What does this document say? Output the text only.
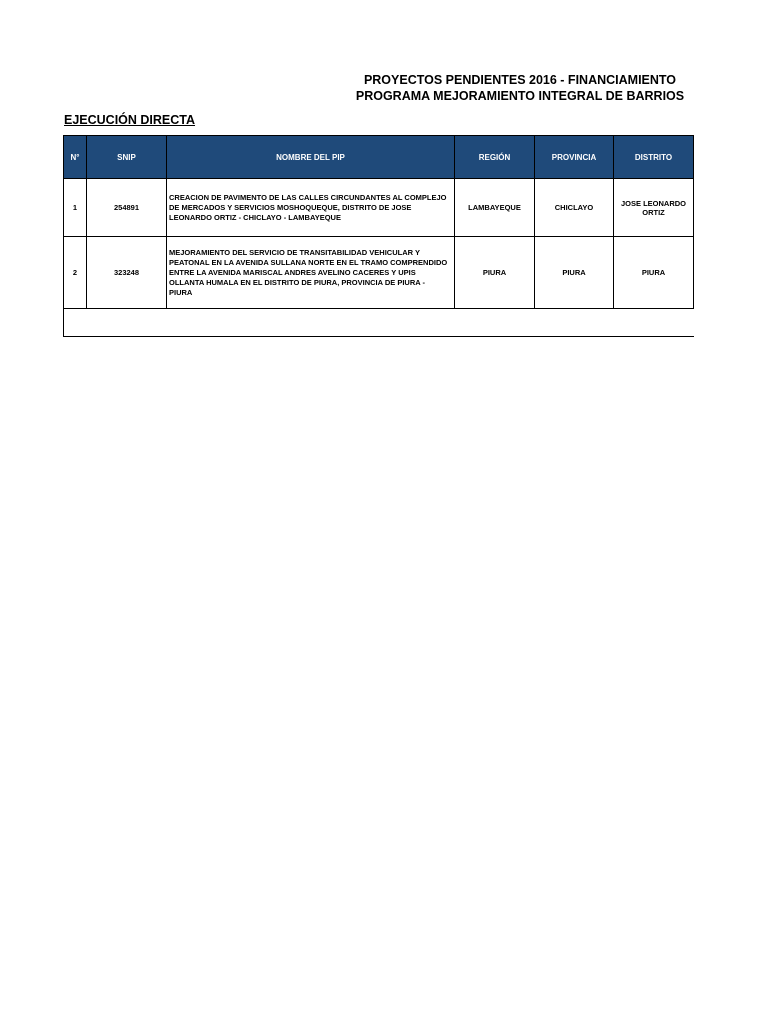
PROYECTOS PENDIENTES 2016 - FINANCIAMIENTO
PROGRAMA MEJORAMIENTO INTEGRAL DE BARRIOS
EJECUCIÓN DIRECTA
N°	SNIP	NOMBRE DEL PIP	REGIÓN	PROVINCIA	DISTRITO
1	254891	CREACION DE PAVIMENTO DE LAS CALLES CIRCUNDANTES AL COMPLEJO DE MERCADOS Y SERVICIOS MOSHOQUEQUE, DISTRITO DE JOSE LEONARDO ORTIZ - CHICLAYO - LAMBAYEQUE	LAMBAYEQUE	CHICLAYO	JOSE LEONARDO ORTIZ
2	323248	MEJORAMIENTO DEL SERVICIO DE TRANSITABILIDAD VEHICULAR Y PEATONAL EN LA AVENIDA SULLANA NORTE EN EL TRAMO COMPRENDIDO ENTRE LA AVENIDA MARISCAL ANDRES AVELINO CACERES Y UPIS OLLANTA HUMALA EN EL DISTRITO DE PIURA, PROVINCIA DE PIURA - PIURA	PIURA	PIURA	PIURA
